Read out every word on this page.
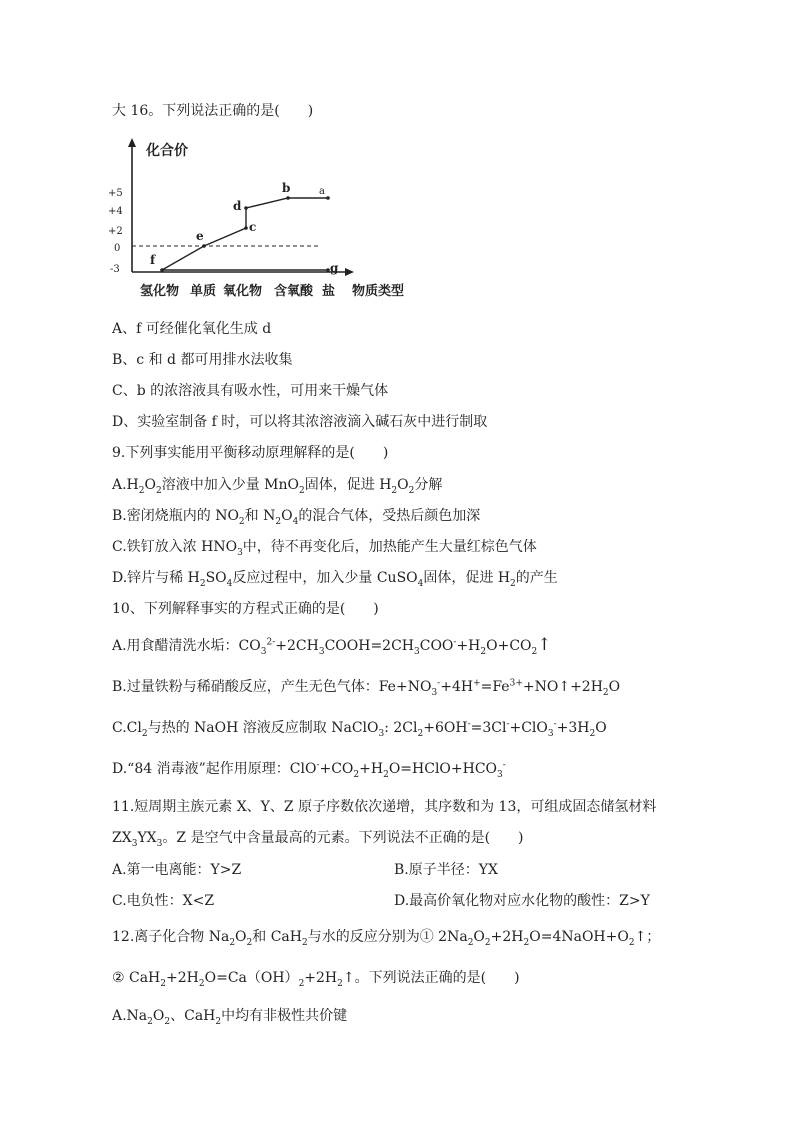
大 16。下列说法正确的是(　　)
化合价
+5
+4
+2
0
-3
f
e
c
d
b	a
g
氢化物 单质 氧化物 含氧酸 盐 物质类型
A、f 可经催化氧化生成 d
B、c 和 d 都可用排水法收集
C、b 的浓溶液具有吸水性，可用来干燥气体
D、实验室制备 f 时，可以将其浓溶液滴入碱石灰中进行制取
9.下列事实能用平衡移动原理解释的是(　　)
$A.H_2O_2$溶液中加入少量 MnO$_2$固体，促进 $H_2O_2$分解
B.密闭烧瓶内的 $NO_2$和 $N_2O_4$的混合气体，受热后颜色加深
C.铁钉放入浓 $HNO_3$中，待不再变化后，加热能产生大量红棕色气体
D.锌片与稀 $H_2SO_4$反应过程中，加入少量 CuSO$_4$固体，促进 $H_2$的产生
10、下列解释事实的方程式正确的是(　　)
A.用食醋清洗水垢：$CO_3^{2-}+2CH_3COOH=2CH_3COO^-+H_2O+CO_2↑$
B.过量铁粉与稀硝酸反应，产生无色气体：$Fe+NO_3^-+4H^+=Fe^{3+}+NO↑+2H_2O$
$C.Cl_2$与热的 NaOH 溶液反应制取 NaClO$_3$: $2Cl_2+6OH^-=3Cl^-+ClO_3^-+3H_2O$
D.“84 消毒液”起作用原理：$ClO^-+CO_2+H_2O=HClO+HCO_3^-$
11.短周期主族元素 X、Y、Z 原子序数依次递增，其序数和为 13，可组成固态储氢材料
$ZX_3YX_3$。Z 是空气中含量最高的元素。下列说法不正确的是(　　)
A.第一电离能：Y>Z	B.原子半径：YX
C.电负性：X<Z	D.最高价氧化物对应水化物的酸性：Z>Y
12.离子化合物 $Na_2O_2$和 CaH$_2$与水的反应分别为① $2Na_2O_2+2H_2O=4NaOH+O_2↑$；
② $CaH_2+2H_2O=Ca(OH)_2+2H_2↑$。下列说法正确的是(　　)
$A.Na_2O_2$、CaH$_2$中均有非极性共价键
